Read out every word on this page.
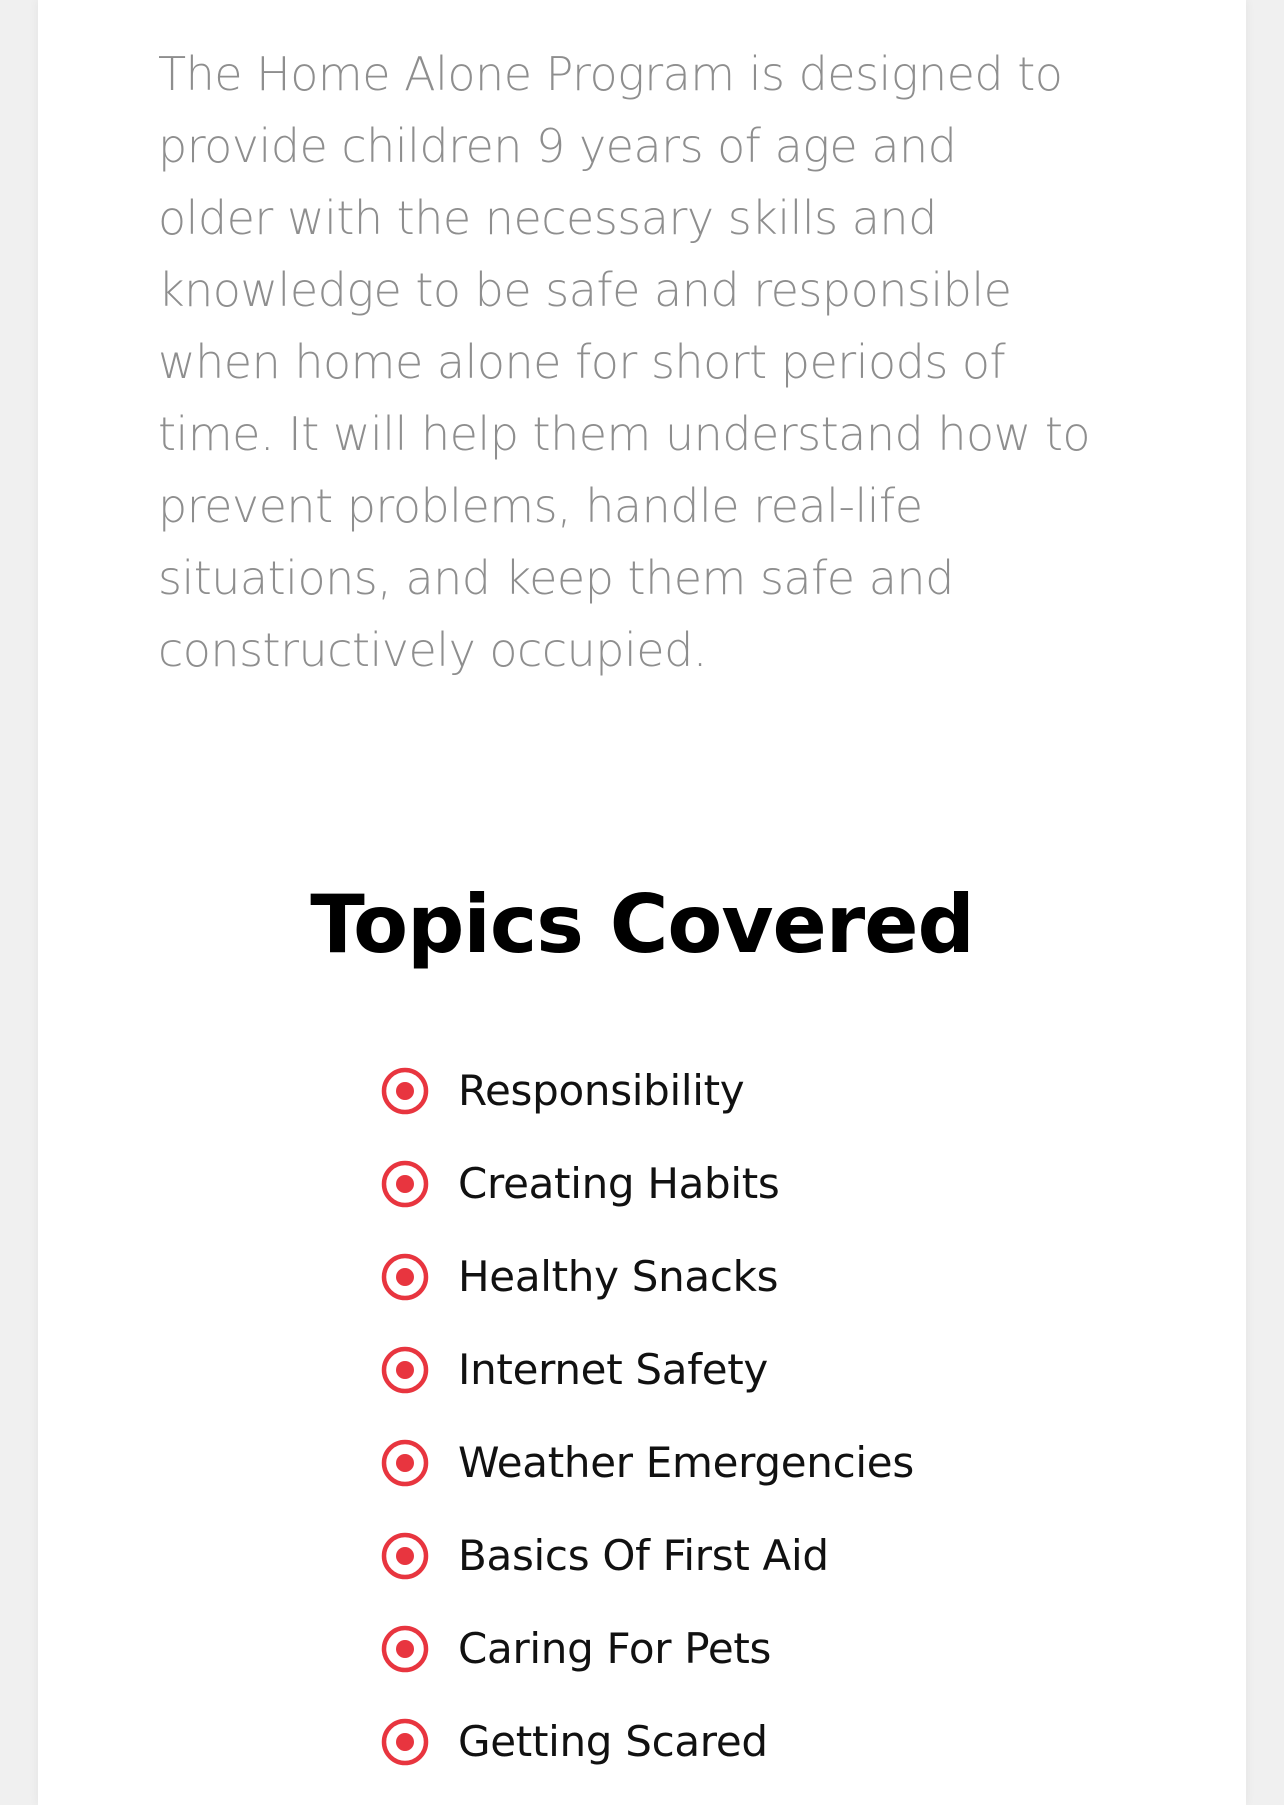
The Home Alone Program is designed to
provide children 9 years of age and
older with the necessary skills and
knowledge to be safe and responsible
when home alone for short periods of
time. It will help them understand how to
prevent problems, handle real-life
situations, and keep them safe and
constructively occupied.

Topics Covered
Responsibility
Creating Habits
Healthy Snacks
Internet Safety
Weather Emergencies
Basics Of First Aid
Caring For Pets
Getting Scared
